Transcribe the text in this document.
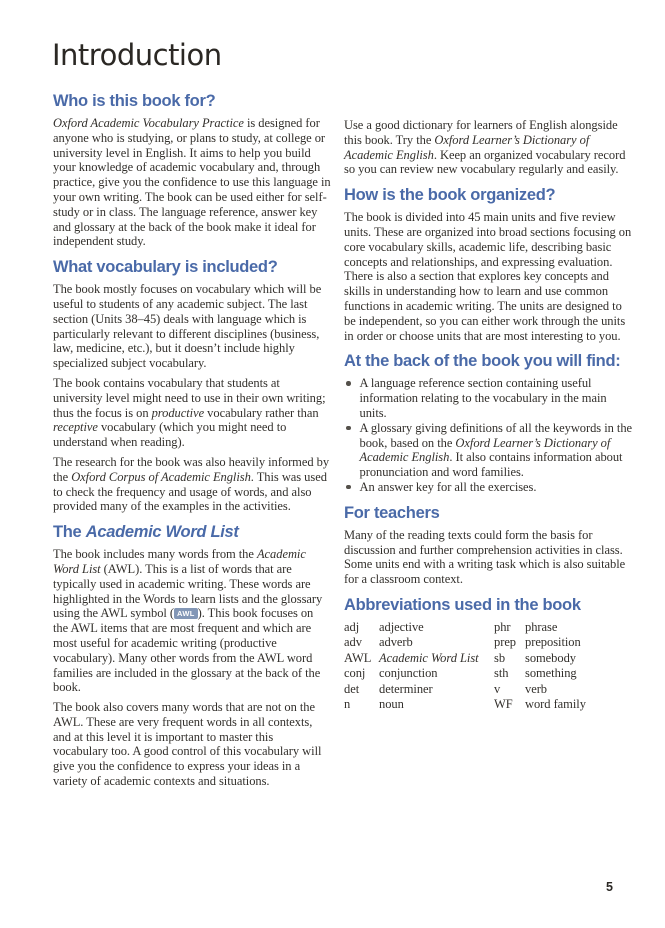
Introduction
Who is this book for?

Oxford Academic Vocabulary Practice is designed for anyone who is studying, or plans to study, at college or university level in English. It aims to help you build your knowledge of academic vocabulary and, through practice, give you the confidence to use this language in your own writing. The book can be used either for self-study or in class. The language reference, answer key and glossary at the back of the book make it ideal for independent study.

What vocabulary is included?

The book mostly focuses on vocabulary which will be useful to students of any academic subject. The last section (Units 38–45) deals with language which is particularly relevant to different disciplines (business, law, medicine, etc.), but it doesn’t include highly specialized subject vocabulary.

The book contains vocabulary that students at university level might need to use in their own writing; thus the focus is on productive vocabulary rather than receptive vocabulary (which you might need to understand when reading).

The research for the book was also heavily informed by the Oxford Corpus of Academic English. This was used to check the frequency and usage of words, and also provided many of the examples in the activities.

The Academic Word List

The book includes many words from the Academic Word List (AWL). This is a list of words that are typically used in academic writing. These words are highlighted in the Words to learn lists and the glossary using the AWL symbol ( AWL ). This book focuses on the AWL items that are most frequent and which are most useful for academic writing (productive vocabulary). Many other words from the AWL word families are included in the glossary at the back of the book.

The book also covers many words that are not on the AWL. These are very frequent words in all contexts, and at this level it is important to master this vocabulary too. A good control of this vocabulary will give you the confidence to express your ideas in a variety of academic contexts and situations.

Use a good dictionary for learners of English alongside this book. Try the Oxford Learner’s Dictionary of Academic English. Keep an organized vocabulary record so you can review new vocabulary regularly and easily.

How is the book organized?

The book is divided into 45 main units and five review units. These are organized into broad sections focusing on core vocabulary skills, academic life, describing basic concepts and relationships, and expressing evaluation. There is also a section that explores key concepts and skills in understanding how to learn and use common functions in academic writing. The units are designed to be independent, so you can either work through the units in order or choose units that are most interesting to you.

At the back of the book you will find:
A language reference section containing useful information relating to the vocabulary in the main units.
A glossary giving definitions of all the keywords in the book, based on the Oxford Learner’s Dictionary of Academic English. It also contains information about pronunciation and word families.
An answer key for all the exercises.
For teachers

Many of the reading texts could form the basis for discussion and further comprehension activities in class. Some units end with a writing task which is also suitable for a classroom context.

Abbreviations used in the book
adj	adjective	phr	phrase
adv	adverb	prep preposition
AWL Academic Word List	sb	somebody
conj	conjunction	sth	something
det	determiner	v	verb
n	noun	WF word family
5
